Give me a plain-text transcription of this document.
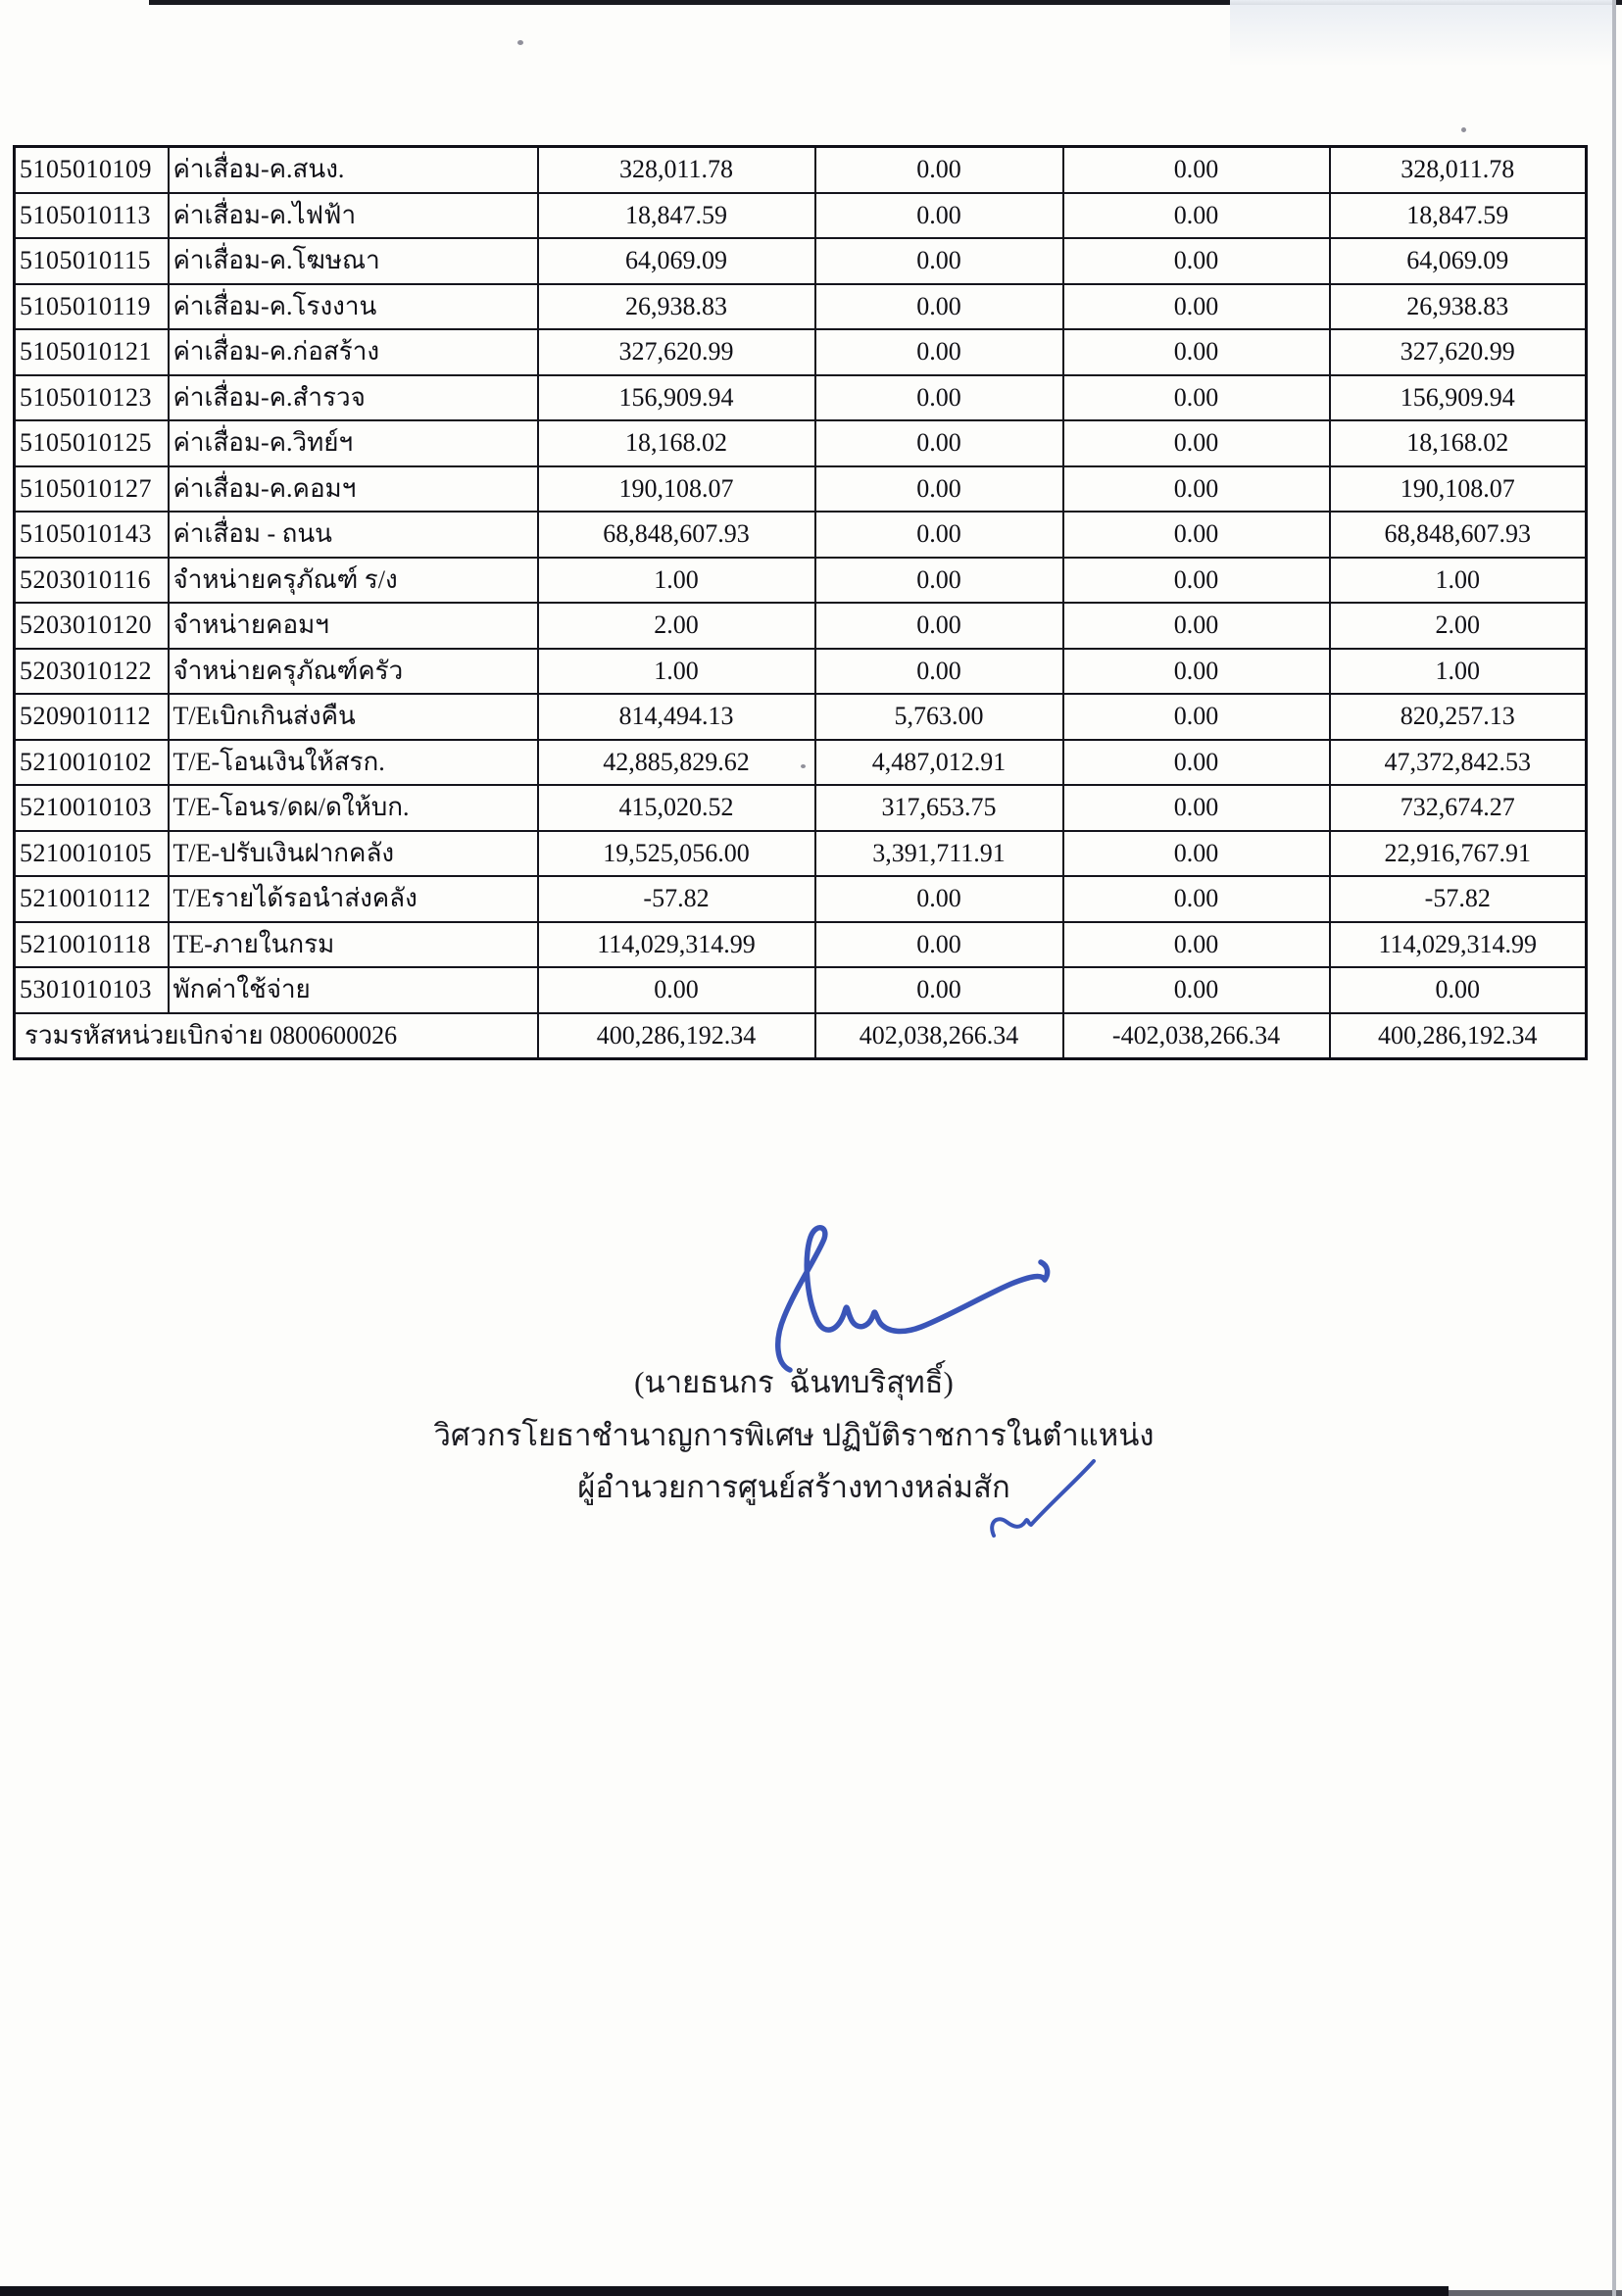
5105010109	ค่าเสื่อม-ค.สนง.	328,011.78	0.00	0.00	328,011.78
5105010113	ค่าเสื่อม-ค.ไฟฟ้า	18,847.59	0.00	0.00	18,847.59
5105010115	ค่าเสื่อม-ค.โฆษณา	64,069.09	0.00	0.00	64,069.09
5105010119	ค่าเสื่อม-ค.โรงงาน	26,938.83	0.00	0.00	26,938.83
5105010121	ค่าเสื่อม-ค.ก่อสร้าง	327,620.99	0.00	0.00	327,620.99
5105010123	ค่าเสื่อม-ค.สำรวจ	156,909.94	0.00	0.00	156,909.94
5105010125	ค่าเสื่อม-ค.วิทย์ฯ	18,168.02	0.00	0.00	18,168.02
5105010127	ค่าเสื่อม-ค.คอมฯ	190,108.07	0.00	0.00	190,108.07
5105010143	ค่าเสื่อม - ถนน	68,848,607.93	0.00	0.00	68,848,607.93
5203010116	จำหน่ายครุภัณฑ์ ร/ง	1.00	0.00	0.00	1.00
5203010120	จำหน่ายคอมฯ	2.00	0.00	0.00	2.00
5203010122	จำหน่ายครุภัณฑ์ครัว	1.00	0.00	0.00	1.00
5209010112	T/Eเบิกเกินส่งคืน	814,494.13	5,763.00	0.00	820,257.13
5210010102	T/E-โอนเงินให้สรก.	42,885,829.62	4,487,012.91	0.00	47,372,842.53
5210010103	T/E-โอนร/ดผ/ดให้บก.	415,020.52	317,653.75	0.00	732,674.27
5210010105	T/E-ปรับเงินฝากคลัง	19,525,056.00	3,391,711.91	0.00	22,916,767.91
5210010112	T/Eรายได้รอนำส่งคลัง	-57.82	0.00	0.00	-57.82
5210010118	TE-ภายในกรม	114,029,314.99	0.00	0.00	114,029,314.99
5301010103	พักค่าใช้จ่าย	0.00	0.00	0.00	0.00
รวมรหัสหน่วยเบิกจ่าย 0800600026		400,286,192.34	402,038,266.34	-402,038,266.34	400,286,192.34
(นายธนกร  ฉันทบริสุทธิ์)
วิศวกรโยธาชำนาญการพิเศษ ปฏิบัติราชการในตำแหน่ง
ผู้อำนวยการศูนย์สร้างทางหล่มสัก
